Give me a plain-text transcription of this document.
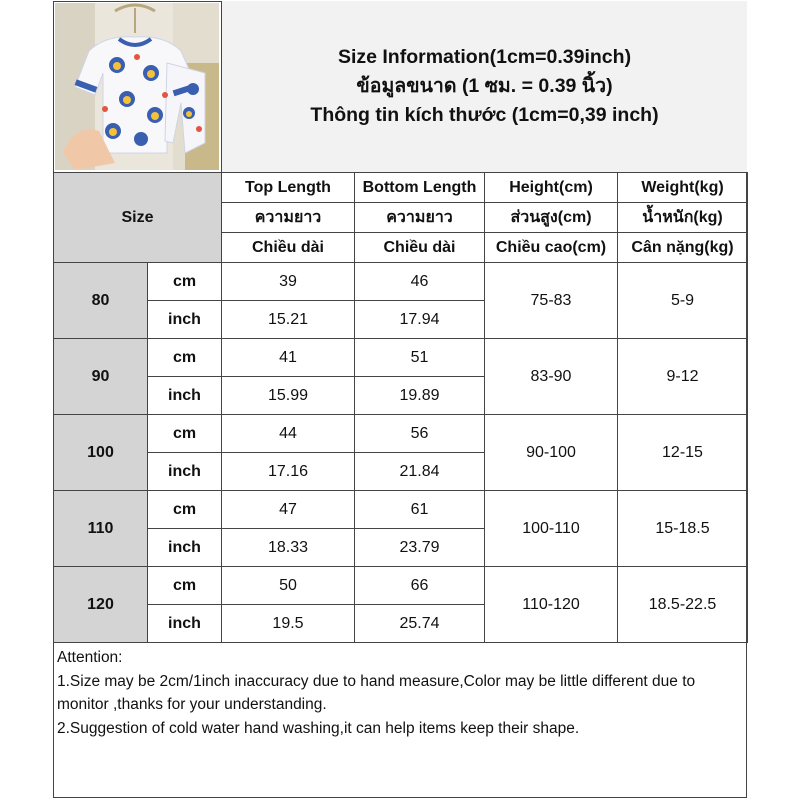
Size Information(1cm=0.39inch)
ข้อมูลขนาด (1 ซม. = 0.39 นิ้ว)
Thông tin kích thước (1cm=0,39 inch)
Size		Top Length	Bottom Length	Height(cm)	Weight(kg)
		ความยาว	ความยาว	ส่วนสูง(cm)	น้ำหนัก(kg)
		Chiều dài	Chiều dài	Chiều cao(cm)	Cân nặng(kg)
80	cm	39	46	75-83	5-9
	inch	15.21	17.94		
90	cm	41	51	83-90	9-12
	inch	15.99	19.89		
100	cm	44	56	90-100	12-15
	inch	17.16	21.84		
110	cm	47	61	100-110	15-18.5
	inch	18.33	23.79		
120	cm	50	66	110-120	18.5-22.5
	inch	19.5	25.74		
Attention:
1.Size may be 2cm/1inch inaccuracy due to hand measure,Color may be little different due to monitor ,thanks for your understanding.
2.Suggestion of cold water hand washing,it can help items keep their shape.
